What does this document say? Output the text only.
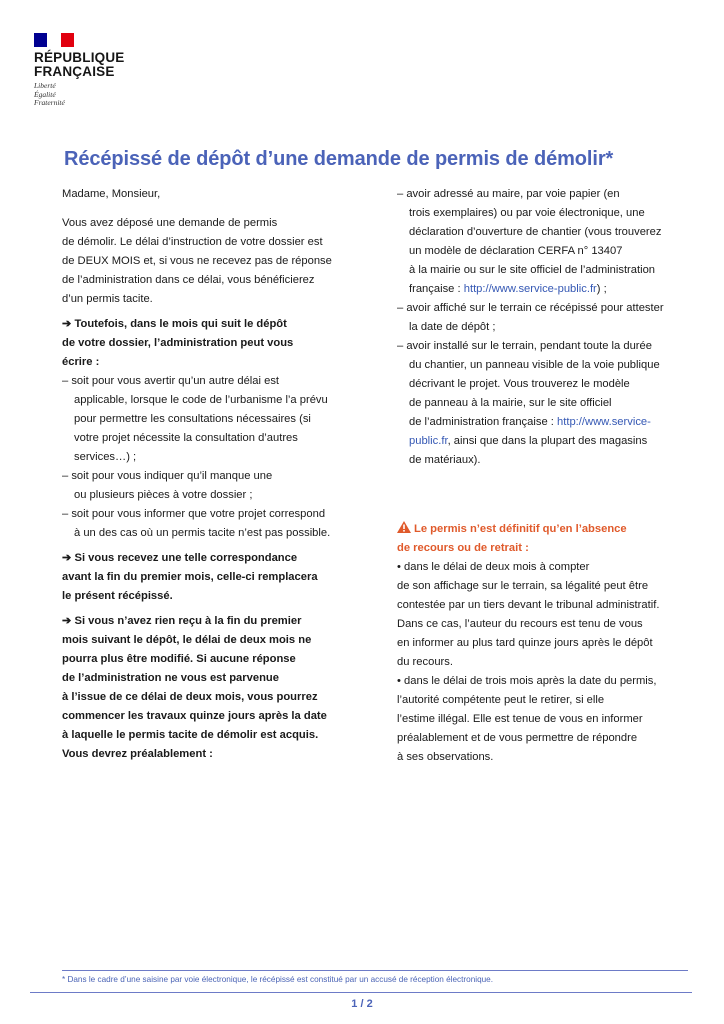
RÉPUBLIQUE
FRANÇAISE
Liberté
Égalité
Fraternité
Récépissé de dépôt d’une demande de permis de démolir*
Madame, Monsieur,
Vous avez déposé une demande de permis
de démolir. Le délai d’instruction de votre dossier est
de DEUX MOIS et, si vous ne recevez pas de réponse
de l’administration dans ce délai, vous bénéficierez
d’un permis tacite.
➔ Toutefois, dans le mois qui suit le dépôt
de votre dossier, l’administration peut vous
écrire :
– soit pour vous avertir qu’un autre délai est
applicable, lorsque le code de l’urbanisme l’a prévu
pour permettre les consultations nécessaires (si
votre projet nécessite la consultation d’autres
services…) ;
– soit pour vous indiquer qu’il manque une
ou plusieurs pièces à votre dossier ;
– soit pour vous informer que votre projet correspond
à un des cas où un permis tacite n’est pas possible.
➔ Si vous recevez une telle correspondance
avant la fin du premier mois, celle-ci remplacera
le présent récépissé.
➔ Si vous n’avez rien reçu à la fin du premier
mois suivant le dépôt, le délai de deux mois ne
pourra plus être modifié. Si aucune réponse
de l’administration ne vous est parvenue
à l’issue de ce délai de deux mois, vous pourrez
commencer les travaux quinze jours après la date
à laquelle le permis tacite de démolir est acquis.
Vous devrez préalablement :
– avoir adressé au maire, par voie papier (en
trois exemplaires) ou par voie électronique, une
déclaration d’ouverture de chantier (vous trouverez
un modèle de déclaration CERFA n° 13407
à la mairie ou sur le site officiel de l’administration
française : http://www.service-public.fr) ;
– avoir affiché sur le terrain ce récépissé pour attester
la date de dépôt ;
– avoir installé sur le terrain, pendant toute la durée
du chantier, un panneau visible de la voie publique
décrivant le projet. Vous trouverez le modèle
de panneau à la mairie, sur le site officiel
de l’administration française : http://www.service-
public.fr, ainsi que dans la plupart des magasins
de matériaux).
Le permis n’est définitif qu’en l’absence
de recours ou de retrait :
• dans le délai de deux mois à compter
de son affichage sur le terrain, sa légalité peut être
contestée par un tiers devant le tribunal administratif.
Dans ce cas, l’auteur du recours est tenu de vous
en informer au plus tard quinze jours après le dépôt
du recours.
• dans le délai de trois mois après la date du permis,
l’autorité compétente peut le retirer, si elle
l’estime illégal. Elle est tenue de vous en informer
préalablement et de vous permettre de répondre
à ses observations.
* Dans le cadre d’une saisine par voie électronique, le récépissé est constitué par un accusé de réception électronique.
1 / 2
